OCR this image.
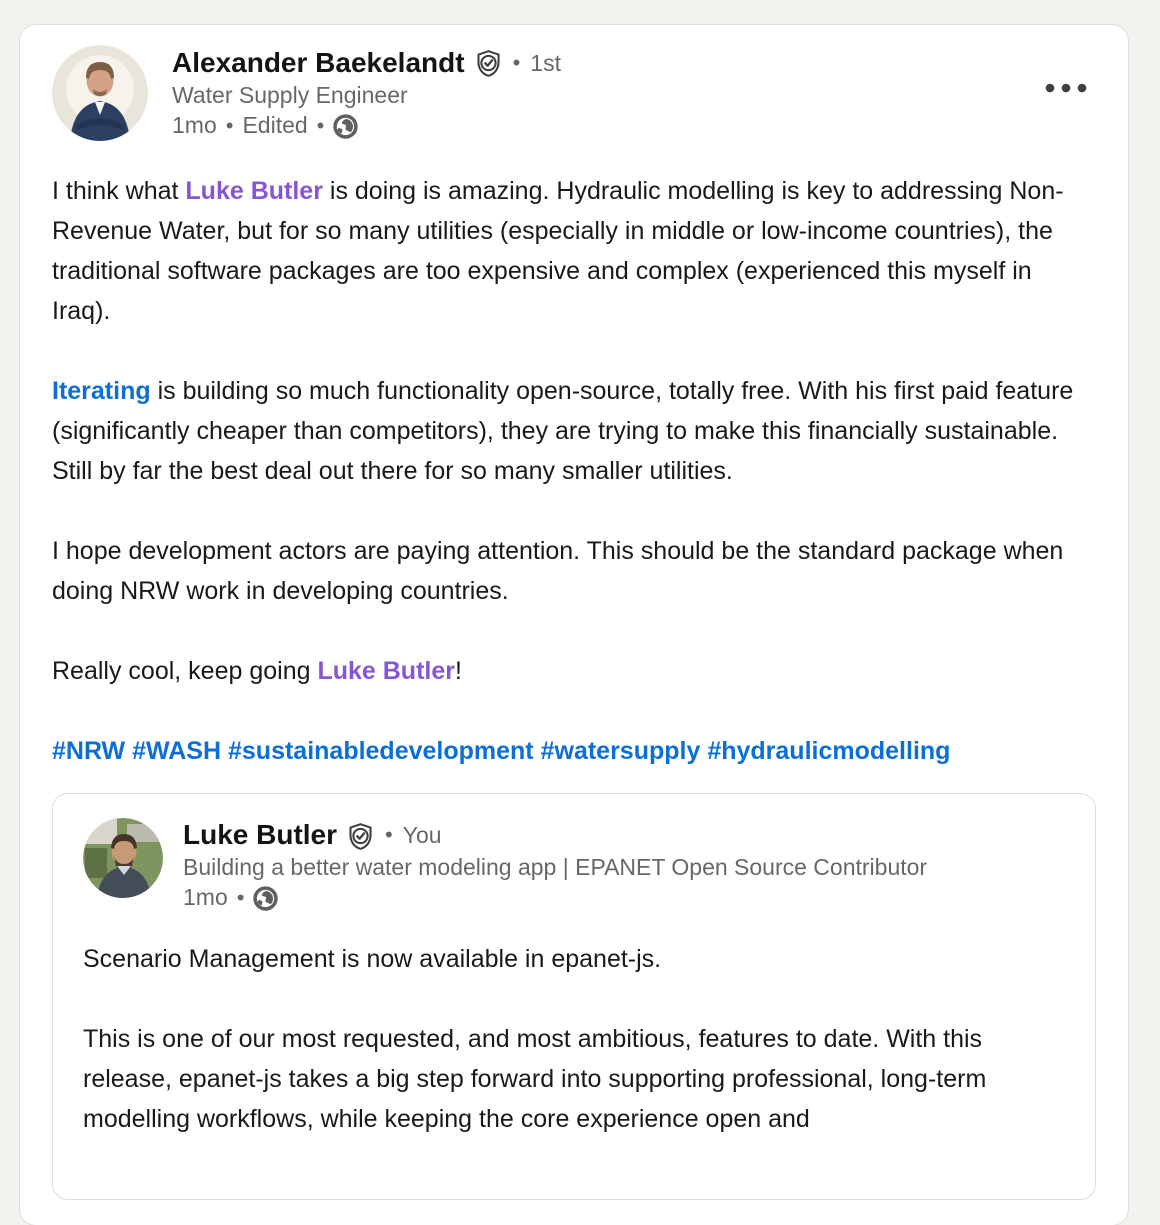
Alexander Baekelandt • 1st
Water Supply Engineer
1mo • Edited •

I think what Luke Butler is doing is amazing. Hydraulic modelling is key to addressing Non-Revenue Water, but for so many utilities (especially in middle or low-income countries), the traditional software packages are too expensive and complex (experienced this myself in Iraq).

Iterating is building so much functionality open-source, totally free. With his first paid feature (significantly cheaper than competitors), they are trying to make this financially sustainable. Still by far the best deal out there for so many smaller utilities.

I hope development actors are paying attention. This should be the standard package when doing NRW work in developing countries.

Really cool, keep going Luke Butler!

#NRW #WASH #sustainabledevelopment #watersupply #hydraulicmodelling

Luke Butler • You
Building a better water modeling app | EPANET Open Source Contributor
1mo •

Scenario Management is now available in epanet-js.

This is one of our most requested, and most ambitious, features to date. With this release, epanet-js takes a big step forward into supporting professional, long-term modelling workflows, while keeping the core experience open and
